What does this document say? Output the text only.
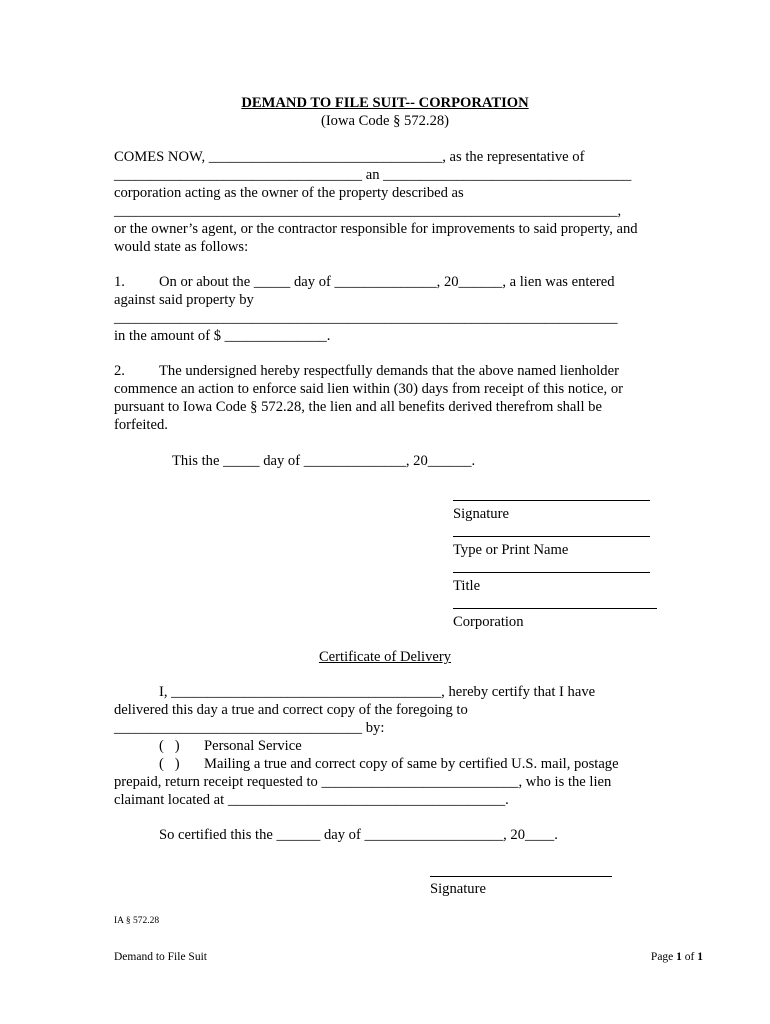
DEMAND TO FILE SUIT-- CORPORATION
(Iowa Code § 572.28)
COMES NOW, ________________________________, as the representative of
__________________________________ an __________________________________
corporation acting as the owner of the property described as
_____________________________________________________________________,
or the owner’s agent, or the contractor responsible for improvements to said property, and
would state as follows:
1. On or about the _____ day of ______________, 20______, a lien was entered
against said property by
_____________________________________________________________________
in the amount of $ ______________.
2. The undersigned hereby respectfully demands that the above named lienholder
commence an action to enforce said lien within (30) days from receipt of this notice, or
pursuant to Iowa Code § 572.28, the lien and all benefits derived therefrom shall be
forfeited.
This the _____ day of ______________, 20______.
Signature
Type or Print Name
Title
Corporation
Certificate of Delivery
I, _____________________________________, hereby certify that I have
delivered this day a true and correct copy of the foregoing to
__________________________________ by:
(   ) Personal Service
(   ) Mailing a true and correct copy of same by certified U.S. mail, postage
prepaid, return receipt requested to ___________________________, who is the lien
claimant located at ______________________________________.
So certified this the ______ day of ___________________, 20____.
Signature
IA § 572.28
Demand to File Suit	Page 1 of 1
